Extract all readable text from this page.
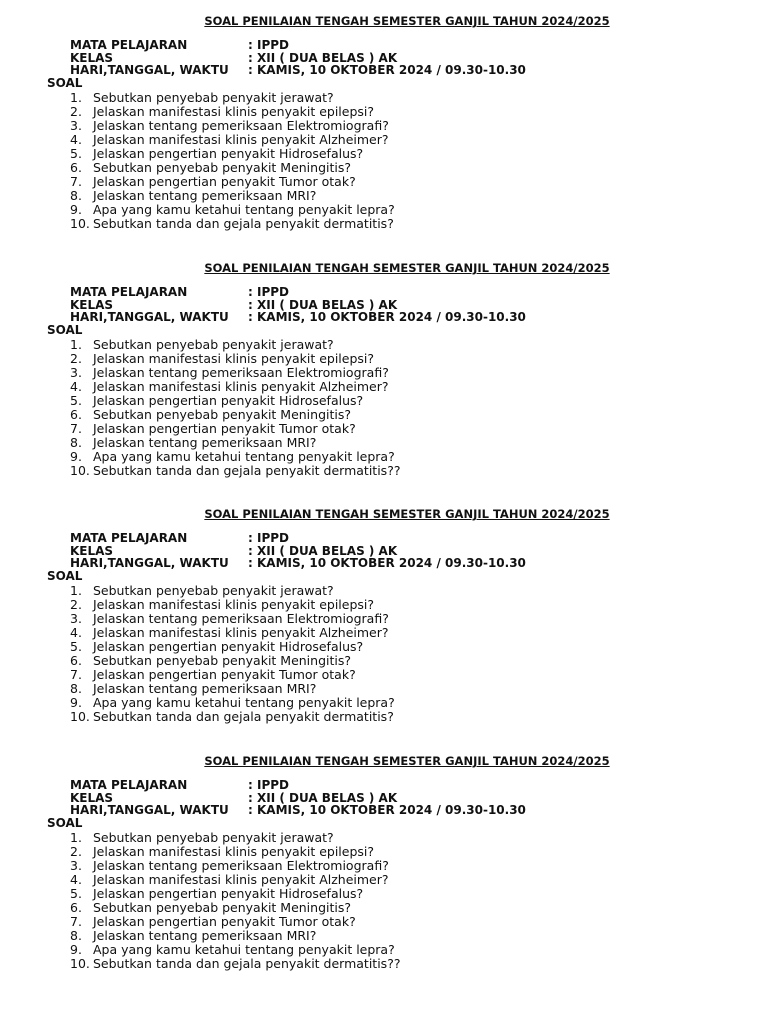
SOAL PENILAIAN TENGAH SEMESTER GANJIL TAHUN 2024/2025
MATA PELAJARAN	: IPPD
KELAS	: XII ( DUA BELAS ) AK
HARI,TANGGAL, WAKTU : KAMIS, 10 OKTOBER 2024 / 09.30-10.30
SOAL
1. Sebutkan penyebab penyakit jerawat?
2. Jelaskan manifestasi klinis penyakit epilepsi?
3. Jelaskan tentang pemeriksaan Elektromiografi?
4. Jelaskan manifestasi klinis penyakit Alzheimer?
5. Jelaskan pengertian penyakit Hidrosefalus?
6. Sebutkan penyebab penyakit Meningitis?
7. Jelaskan pengertian penyakit Tumor otak?
8. Jelaskan tentang pemeriksaan MRI?
9. Apa yang kamu ketahui tentang penyakit lepra?
10. Sebutkan tanda dan gejala penyakit dermatitis?
SOAL PENILAIAN TENGAH SEMESTER GANJIL TAHUN 2024/2025
MATA PELAJARAN	: IPPD
KELAS	: XII ( DUA BELAS ) AK
HARI,TANGGAL, WAKTU : KAMIS, 10 OKTOBER 2024 / 09.30-10.30
SOAL
1. Sebutkan penyebab penyakit jerawat?
2. Jelaskan manifestasi klinis penyakit epilepsi?
3. Jelaskan tentang pemeriksaan Elektromiografi?
4. Jelaskan manifestasi klinis penyakit Alzheimer?
5. Jelaskan pengertian penyakit Hidrosefalus?
6. Sebutkan penyebab penyakit Meningitis?
7. Jelaskan pengertian penyakit Tumor otak?
8. Jelaskan tentang pemeriksaan MRI?
9. Apa yang kamu ketahui tentang penyakit lepra?
10. Sebutkan tanda dan gejala penyakit dermatitis??
SOAL PENILAIAN TENGAH SEMESTER GANJIL TAHUN 2024/2025
MATA PELAJARAN	: IPPD
KELAS	: XII ( DUA BELAS ) AK
HARI,TANGGAL, WAKTU : KAMIS, 10 OKTOBER 2024 / 09.30-10.30
SOAL
1. Sebutkan penyebab penyakit jerawat?
2. Jelaskan manifestasi klinis penyakit epilepsi?
3. Jelaskan tentang pemeriksaan Elektromiografi?
4. Jelaskan manifestasi klinis penyakit Alzheimer?
5. Jelaskan pengertian penyakit Hidrosefalus?
6. Sebutkan penyebab penyakit Meningitis?
7. Jelaskan pengertian penyakit Tumor otak?
8. Jelaskan tentang pemeriksaan MRI?
9. Apa yang kamu ketahui tentang penyakit lepra?
10. Sebutkan tanda dan gejala penyakit dermatitis?
SOAL PENILAIAN TENGAH SEMESTER GANJIL TAHUN 2024/2025
MATA PELAJARAN	: IPPD
KELAS	: XII ( DUA BELAS ) AK
HARI,TANGGAL, WAKTU : KAMIS, 10 OKTOBER 2024 / 09.30-10.30
SOAL
1. Sebutkan penyebab penyakit jerawat?
2. Jelaskan manifestasi klinis penyakit epilepsi?
3. Jelaskan tentang pemeriksaan Elektromiografi?
4. Jelaskan manifestasi klinis penyakit Alzheimer?
5. Jelaskan pengertian penyakit Hidrosefalus?
6. Sebutkan penyebab penyakit Meningitis?
7. Jelaskan pengertian penyakit Tumor otak?
8. Jelaskan tentang pemeriksaan MRI?
9. Apa yang kamu ketahui tentang penyakit lepra?
10. Sebutkan tanda dan gejala penyakit dermatitis??
